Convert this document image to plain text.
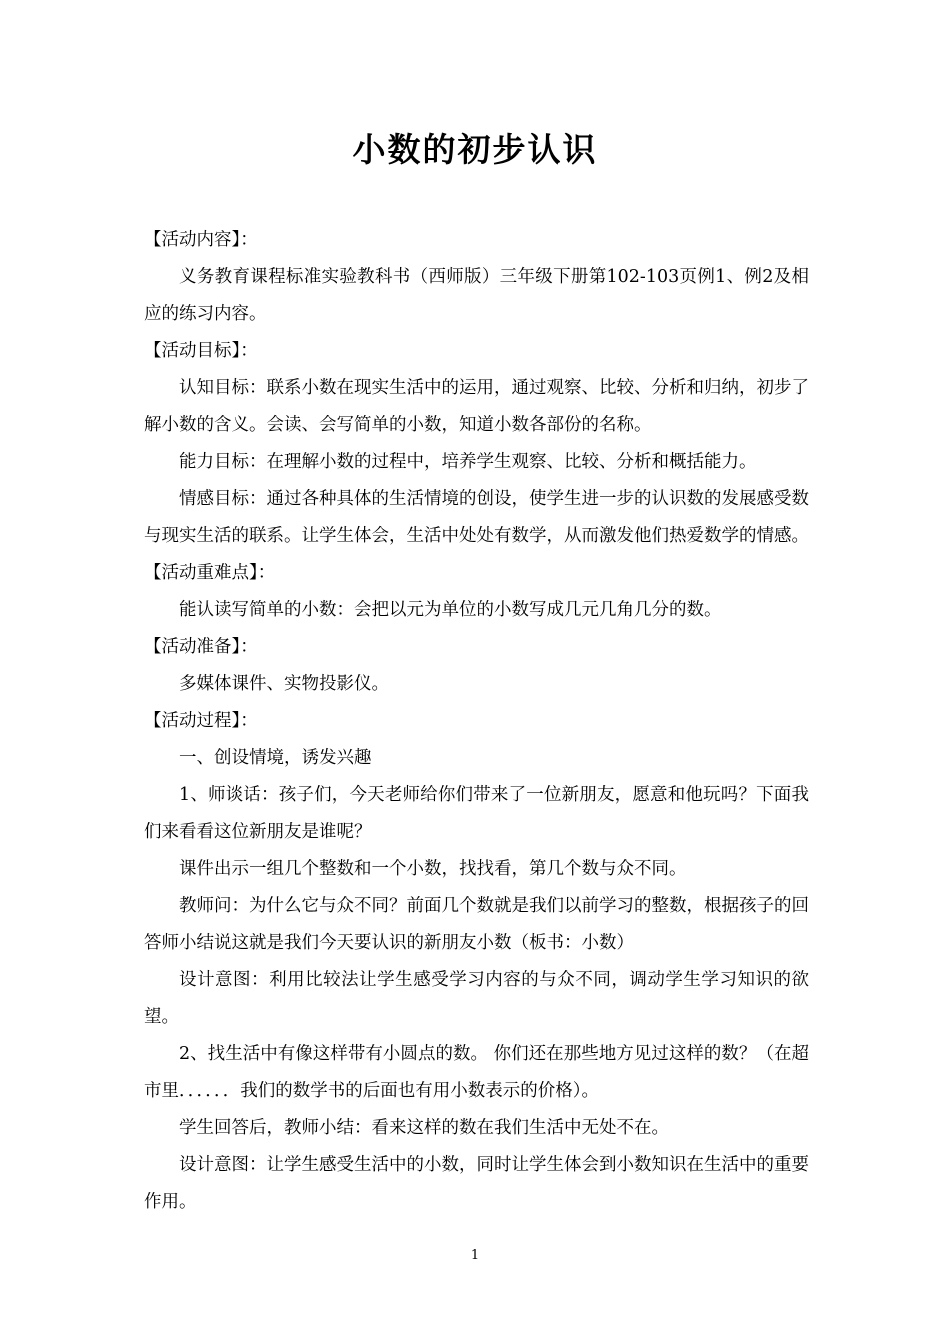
小数的初步认识

【活动内容】：

义务教育课程标准实验教科书（西师版）三年级下册第102-103页例1、例2及相应的练习内容。

【活动目标】：

认知目标：联系小数在现实生活中的运用，通过观察、比较、分析和归纳，初步了解小数的含义。会读、会写简单的小数，知道小数各部份的名称。

能力目标：在理解小数的过程中，培养学生观察、比较、分析和概括能力。

情感目标：通过各种具体的生活情境的创设，使学生进一步的认识数的发展感受数与现实生活的联系。让学生体会，生活中处处有数学，从而激发他们热爱数学的情感。

【活动重难点】：

能认读写简单的小数：会把以元为单位的小数写成几元几角几分的数。

【活动准备】：

多媒体课件、实物投影仪。

【活动过程】：

一、创设情境，诱发兴趣

1、师谈话：孩子们，今天老师给你们带来了一位新朋友，愿意和他玩吗？下面我们来看看这位新朋友是谁呢？

课件出示一组几个整数和一个小数，找找看，第几个数与众不同。

教师问：为什么它与众不同？前面几个数就是我们以前学习的整数，根据孩子的回答师小结说这就是我们今天要认识的新朋友小数（板书：小数）

设计意图：利用比较法让学生感受学习内容的与众不同，调动学生学习知识的欲望。

2、找生活中有像这样带有小圆点的数。 你们还在那些地方见过这样的数？（在超市里．．．．．．我们的数学书的后面也有用小数表示的价格）。

学生回答后，教师小结：看来这样的数在我们生活中无处不在。

设计意图：让学生感受生活中的小数，同时让学生体会到小数知识在生活中的重要作用。

1
